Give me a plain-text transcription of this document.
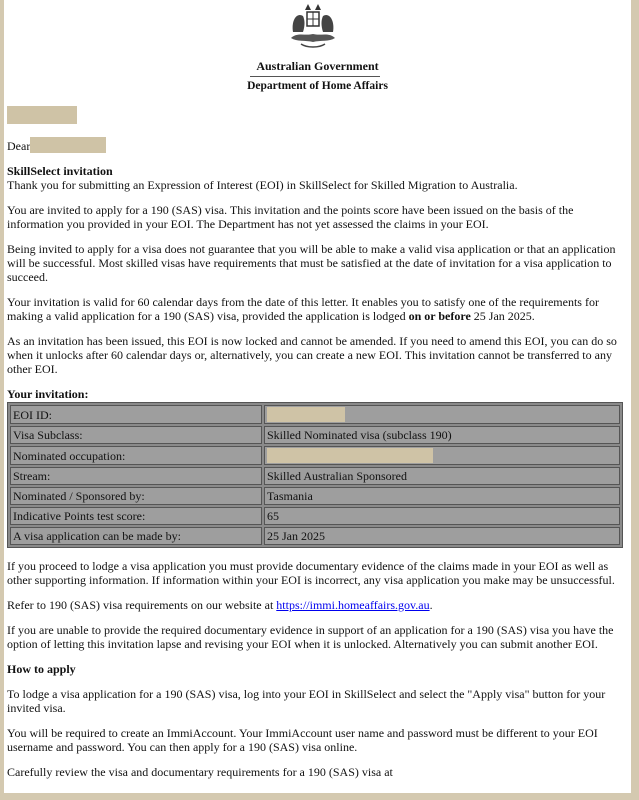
Australian Government
Department of Home Affairs

Dear

SkillSelect invitation

Thank you for submitting an Expression of Interest (EOI) in SkillSelect for Skilled Migration to Australia.

You are invited to apply for a 190 (SAS) visa. This invitation and the points score have been issued on the basis of the information you provided in your EOI. The Department has not yet assessed the claims in your EOI.

Being invited to apply for a visa does not guarantee that you will be able to make a valid visa application or that an application will be successful. Most skilled visas have requirements that must be satisfied at the date of invitation for a visa application to succeed.

Your invitation is valid for 60 calendar days from the date of this letter. It enables you to satisfy one of the requirements for making a valid application for a 190 (SAS) visa, provided the application is lodged on or before 25 Jan 2025.

As an invitation has been issued, this EOI is now locked and cannot be amended. If you need to amend this EOI, you can do so when it unlocks after 60 calendar days or, alternatively, you can create a new EOI. This invitation cannot be transferred to any other EOI.

Your invitation:
EOI ID:	
Visa Subclass:	Skilled Nominated visa (subclass 190)
Nominated occupation:	
Stream:	Skilled Australian Sponsored
Nominated / Sponsored by:	Tasmania
Indicative Points test score:	65
A visa application can be made by:	25 Jan 2025

If you proceed to lodge a visa application you must provide documentary evidence of the claims made in your EOI as well as other supporting information. If information within your EOI is incorrect, any visa application you make may be unsuccessful.

Refer to 190 (SAS) visa requirements on our website at https://immi.homeaffairs.gov.au.

If you are unable to provide the required documentary evidence in support of an application for a 190 (SAS) visa you have the option of letting this invitation lapse and revising your EOI when it is unlocked. Alternatively you can submit another EOI.

How to apply

To lodge a visa application for a 190 (SAS) visa, log into your EOI in SkillSelect and select the "Apply visa" button for your invited visa.

You will be required to create an ImmiAccount. Your ImmiAccount user name and password must be different to your EOI username and password. You can then apply for a 190 (SAS) visa online.

Carefully review the visa and documentary requirements for a 190 (SAS) visa at
